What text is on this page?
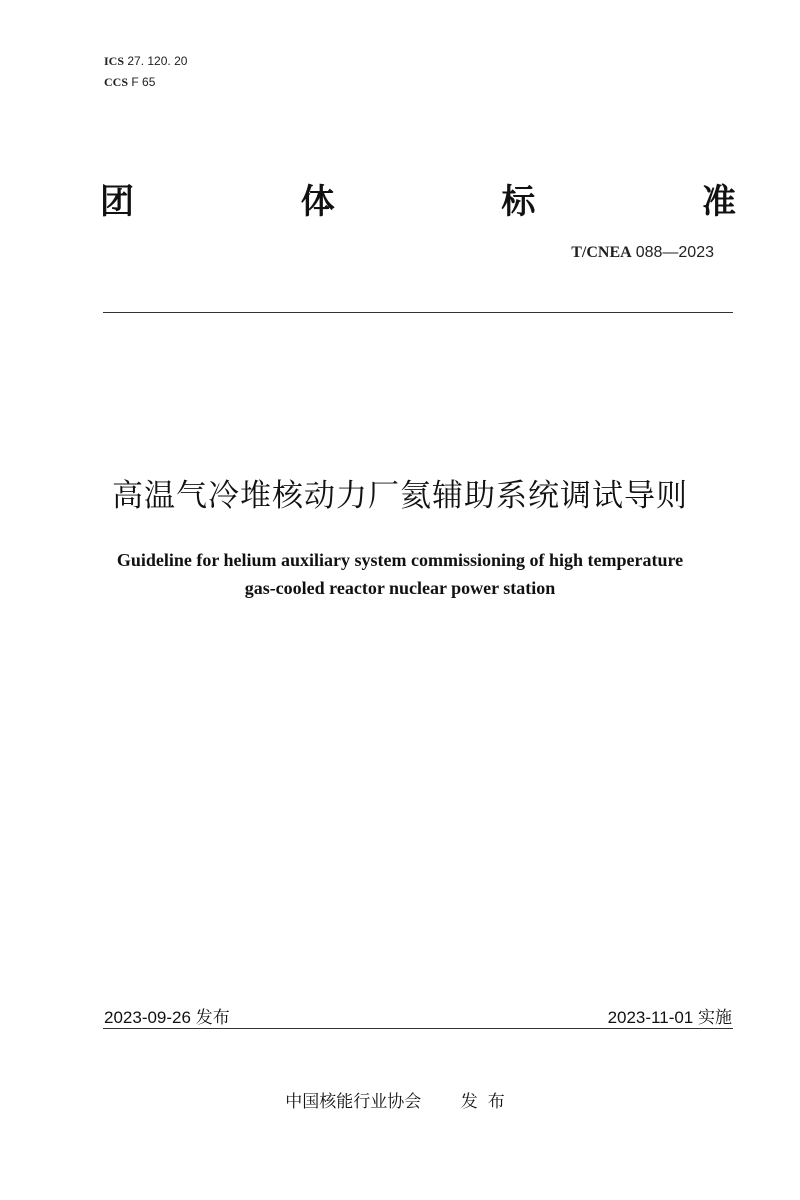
ICS 27. 120. 20
CCS F 65
团	体	标	准
T/CNEA 088—2023
高温气冷堆核动力厂氦辅助系统调试导则
Guideline for helium auxiliary system commissioning of high temperature
gas-cooled reactor nuclear power station
2023-09-26 发布	2023-11-01 实施
中国核能行业协会 发布
